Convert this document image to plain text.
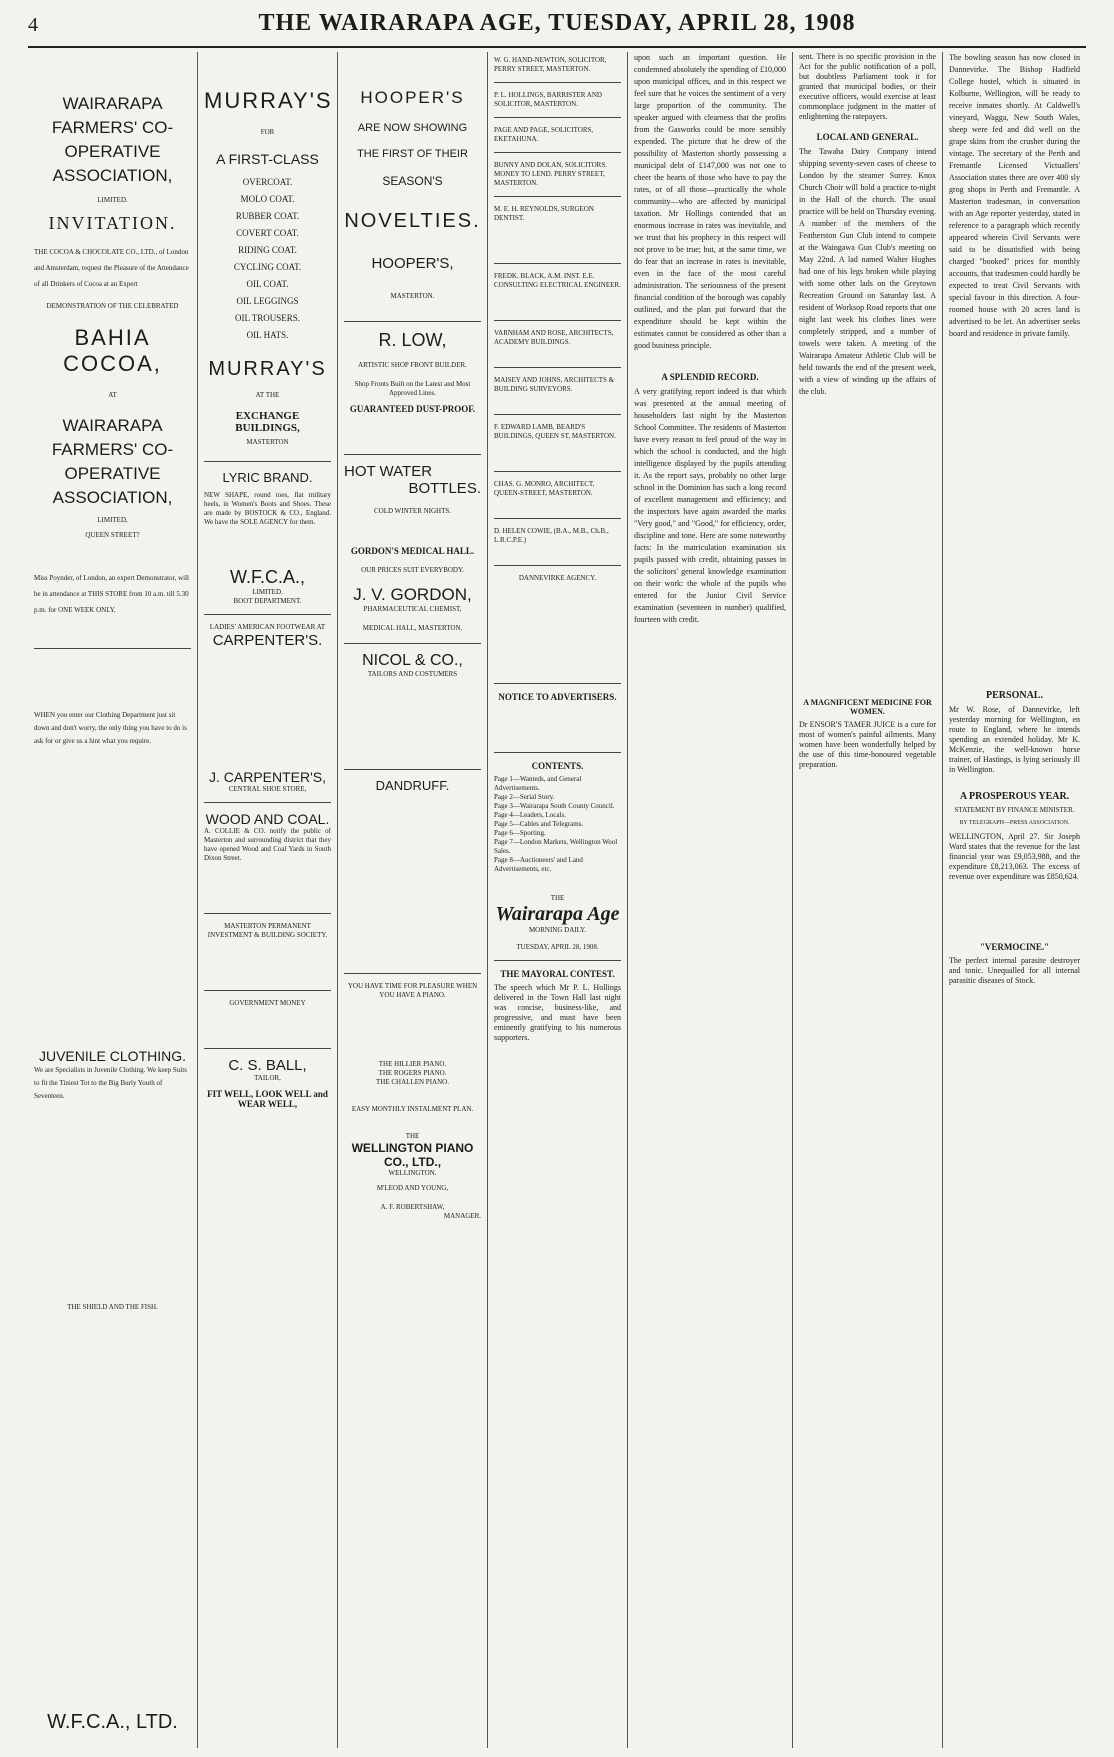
4	THE WAIRARAPA AGE, TUESDAY, APRIL 28, 1908
WAIRARAPA FARMERS' CO-OPERATIVE ASSOCIATION,
LIMITED.
INVITATION.
THE COCOA & CHOCOLATE CO., LTD., of London and Amsterdam, request the Pleasure of the Attendance of all Drinkers of Cocoa at an Expert
DEMONSTRATION OF THE CELEBRATED
BAHIA COCOA,
AT
WAIRARAPA FARMERS' CO-OPERATIVE ASSOCIATION,
LIMITED,
QUEEN STREET?
Miss Poynder, of London, an expert Demonstrator, will be in attendance at THIS STORE from 10 a.m. till 5.30 p.m. for ONE WEEK ONLY.
WHEN you enter our Clothing Department just sit down and don't worry, the only thing you have to do is ask for or give us a hint what you require.
JUVENILE CLOTHING.
We are Specialists in Juvenile Clothing. We keep Suits to fit the Tiniest Tot to the Big Burly Youth of Seventeen.
THE SHIELD AND THE FISH.
W.F.C.A., LTD.
MURRAY'S
FOR
A FIRST-CLASS
OVERCOAT.
MOLO COAT.
RUBBER COAT.
COVERT COAT.
RIDING COAT.
CYCLING COAT.
OIL COAT.
OIL LEGGINGS
OIL TROUSERS.
OIL HATS.
MURRAY'S
AT THE
EXCHANGE BUILDINGS,
MASTERTON
LYRIC BRAND.
NEW SHAPE, round toes, flat military heels, in Women's Boots and Shoes. These are made by BOSTOCK & CO., England. We have the SOLE AGENCY for them.
W.F.C.A.,
LIMITED.
BOOT DEPARTMENT.
LADIES' AMERICAN FOOTWEAR AT
CARPENTER'S.
J. CARPENTER'S,
CENTRAL SHOE STORE,
WOOD AND COAL.
A. COLLIE & CO. notify the public of Masterton and surrounding district that they have opened Wood and Coal Yards in South Dixon Street.
MASTERTON PERMANENT INVESTMENT & BUILDING SOCIETY.
GOVERNMENT MONEY
C. S. BALL,
TAILOR,
FIT WELL, LOOK WELL and WEAR WELL,
HOOPER'S
ARE NOW SHOWING
THE FIRST OF THEIR
SEASON'S
NOVELTIES.
HOOPER'S,
MASTERTON.
R. LOW,
ARTISTIC SHOP FRONT BUILDER.
Shop Fronts Built on the Latest and Most Approved Lines.
GUARANTEED DUST-PROOF.
HOT WATER
BOTTLES.
COLD WINTER NIGHTS.
GORDON'S MEDICAL HALL.
OUR PRICES SUIT EVERYBODY.
J. V. GORDON,
PHARMACEUTICAL CHEMIST,
MEDICAL HALL, MASTERTON.
NICOL & CO.,
TAILORS AND COSTUMERS
DANDRUFF.
YOU HAVE TIME FOR PLEASURE WHEN YOU HAVE A PIANO.
THE HILLIER PIANO.
THE ROGERS PIANO.
THE CHALLEN PIANO.
EASY MONTHLY INSTALMENT PLAN.
THE
WELLINGTON PIANO CO., LTD.,
WELLINGTON.
M'LEOD AND YOUNG,
A. F. ROBERTSHAW,
MANAGER.
W. G. HAND-NEWTON, SOLICITOR, PERRY STREET, MASTERTON.
P. L. HOLLINGS, BARRISTER AND SOLICITOR, MASTERTON.
PAGE AND PAGE, SOLICITORS, EKETAHUNA.
BUNNY AND DOLAN, SOLICITORS. MONEY TO LEND. PERRY STREET, MASTERTON.
M. E. H. REYNOLDS, SURGEON DENTIST.
FREDK. BLACK, A.M. INST. E.E. CONSULTING ELECTRICAL ENGINEER.
VARNHAM AND ROSE, ARCHITECTS, ACADEMY BUILDINGS.
MAISEY AND JOHNS, ARCHITECTS & BUILDING SURVEYORS.
F. EDWARD LAMB, BEARD'S BUILDINGS, QUEEN ST, MASTERTON.
CHAS. G. MONRO, ARCHITECT, QUEEN-STREET, MASTERTON.
D. HELEN COWIE, (B.A., M.B., Ch.B., L.R.C.P.E.)
DANNEVIRKE AGENCY.
NOTICE TO ADVERTISERS.
CONTENTS.
Page 1—Wanteds, and General Advertisements.
Page 2—Serial Story.
Page 3—Wairarapa South County Council.
Page 4—Leaders, Locals.
Page 5—Cables and Telegrams.
Page 6—Sporting.
Page 7—London Markets, Wellington Wool Sales.
Page 8—Auctioneers' and Land Advertisements, etc.
THE
Wairarapa Age
MORNING DAILY.
TUESDAY, APRIL 28, 1908.
THE MAYORAL CONTEST.
The speech which Mr P. L. Hollings delivered in the Town Hall last night was concise, business-like, and progressive, and must have been eminently gratifying to his numerous supporters.
upon such an important question. He condemned absolutely the spending of £10,000 upon municipal offices, and in this respect we feel sure that he voices the sentiment of a very large proportion of the community. The speaker argued with clearness that the profits from the Gasworks could be more sensibly expended. The picture that he drew of the possibility of Masterton shortly possessing a municipal debt of £147,000 was not one to cheer the hearts of those who have to pay the rates, or of all those—practically the whole community—who are affected by municipal taxation. Mr Hollings contended that an enormous increase in rates was inevitable, and we trust that his prophecy in this respect will not prove to be true; but, at the same time, we do fear that an increase in rates is inevitable, even in the face of the most careful administration. The seriousness of the present financial condition of the borough was capably outlined, and the plan put forward that the expenditure should be kept within the estimates cannot be considered as other than a good business principle.
A SPLENDID RECORD.
A very gratifying report indeed is that which was presented at the annual meeting of householders last night by the Masterton School Committee. The residents of Masterton have every reason to feel proud of the way in which the school is conducted, and the high intelligence displayed by the pupils attending it. As the report says, probably no other large school in the Dominion has such a long record of excellent management and efficiency; and the inspectors have again awarded the marks "Very good," and "Good," for efficiency, order, discipline and tone. Here are some noteworthy facts: In the matriculation examination six pupils passed with credit, obtaining passes in the solicitors' general knowledge examination on their work: the whole of the pupils who entered for the Junior Civil Service examination (seventeen in number) qualified, fourteen with credit.
sent. There is no specific provision in the Act for the public notification of a poll, but doubtless Parliament took it for granted that municipal bodies, or their executive officers, would exercise at least commonplace judgment in the matter of enlightening the ratepayers.
LOCAL AND GENERAL.
The Tawaha Dairy Company intend shipping seventy-seven cases of cheese to London by the steamer Surrey. Knox Church Choir will hold a practice to-night in the Hall of the church. The usual practice will be held on Thursday evening. A number of the members of the Featherston Gun Club intend to compete at the Waingawa Gun Club's meeting on May 22nd. A lad named Walter Hughes had one of his legs broken while playing with some other lads on the Greytown Recreation Ground on Saturday last. A resident of Worksop Road reports that one night last week his clothes lines were completely stripped, and a number of towels were taken. A meeting of the Wairarapa Amateur Athletic Club will be held towards the end of the present week, with a view of winding up the affairs of the club.
A MAGNIFICENT MEDICINE FOR WOMEN.
Dr ENSOR'S TAMER JUICE is a cure for most of women's painful ailments. Many women have been wonderfully helped by the use of this time-honoured vegetable preparation.
The bowling season has now closed in Dannevirke. The Bishop Hadfield College hostel, which is situated in Kolburne, Wellington, will be ready to receive inmates shortly. At Caldwell's vineyard, Wagga, New South Wales, sheep were fed and did well on the grape skins from the crusher during the vintage. The secretary of the Perth and Fremantle Licensed Victuallers' Association states there are over 400 sly grog shops in Perth and Fremantle. A Masterton tradesman, in conversation with an Age reporter yesterday, stated in reference to a paragraph which recently appeared wherein Civil Servants were said to be dissatisfied with being charged "booked" prices for monthly accounts, that tradesmen could hardly be expected to treat Civil Servants with special favour in this direction. A four-roomed house with 20 acres land is advertised to be let. An advertiser seeks board and residence in private family.
PERSONAL.
Mr W. Rose, of Dannevirke, left yesterday morning for Wellington, en route to England, where he intends spending an extended holiday. Mr K. McKenzie, the well-known horse trainer, of Hastings, is lying seriously ill in Wellington.
A PROSPEROUS YEAR.
STATEMENT BY FINANCE MINISTER.
BY TELEGRAPH—PRESS ASSOCIATION.
WELLINGTON, April 27. Sir Joseph Ward states that the revenue for the last financial year was £9,053,988, and the expenditure £8,213,063. The excess of revenue over expenditure was £850,624.
"VERMOCINE."
The perfect internal parasite destroyer and tonic. Unequalled for all internal parasitic diseases of Stock.
